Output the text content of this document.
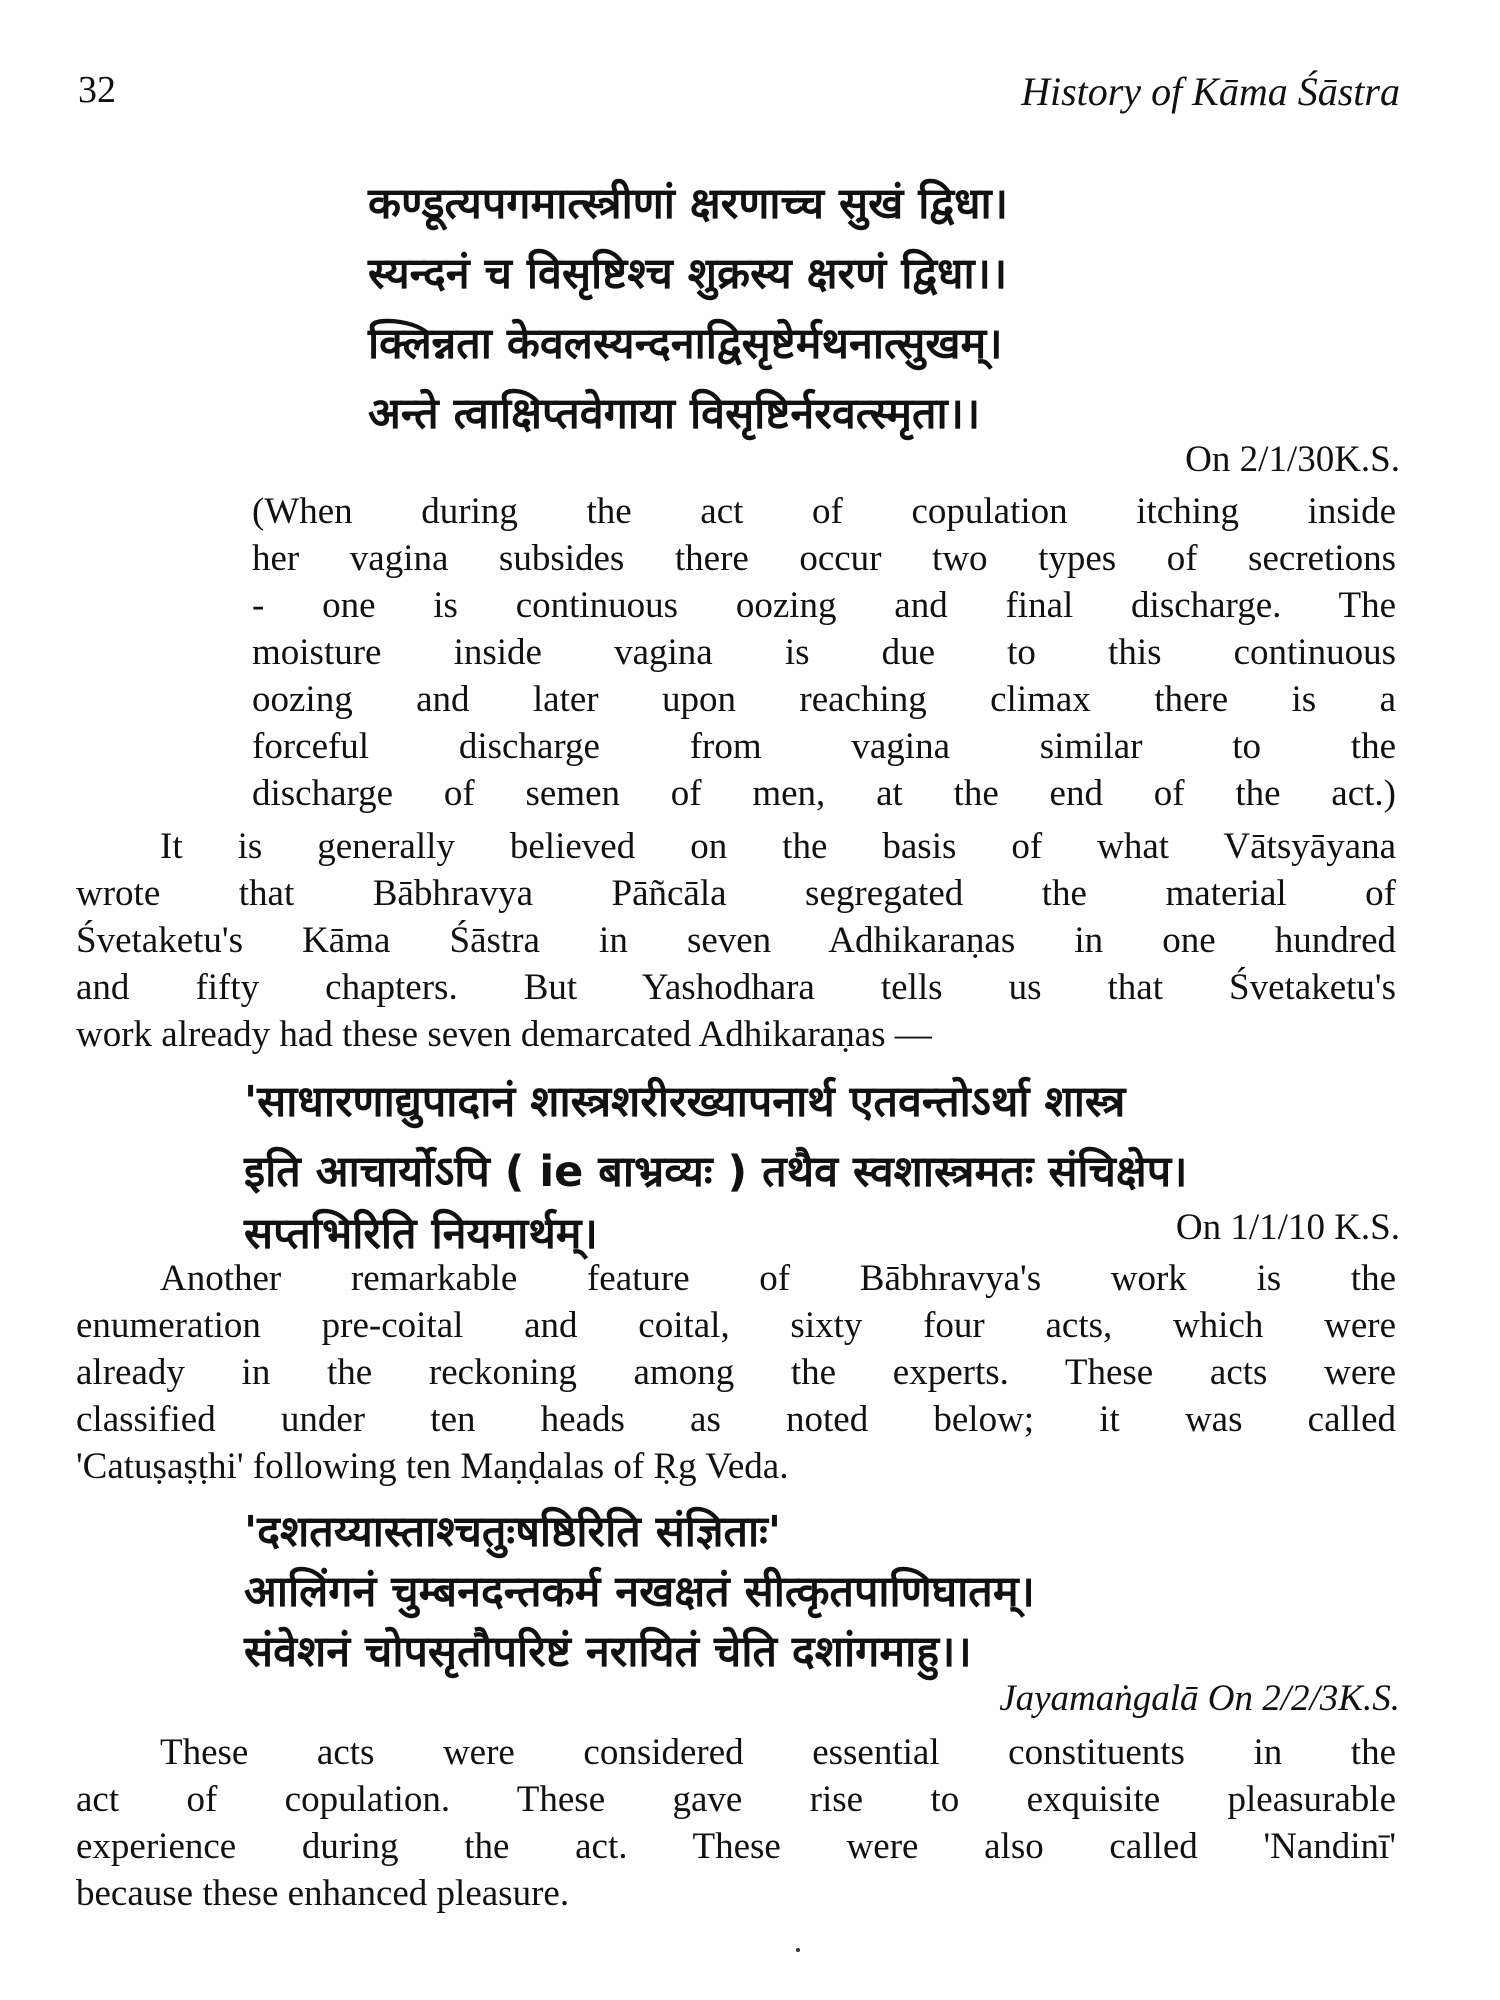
32	History of Kāma Śāstra
कण्डूत्यपगमात्स्त्रीणां क्षरणाच्च सुखं द्विधा।
स्यन्दनं च विसृष्टिश्च शुक्रस्य क्षरणं द्विधा।।
क्लिन्नता केवलस्यन्दनाद्विसृष्टेर्मथनात्सुखम्।
अन्ते त्वाक्षिप्तवेगाया विसृष्टिर्नरवत्स्मृता।।
On 2/1/30K.S.

(When during the act of copulation itching inside
her vagina subsides there occur two types of secretions
- one is continuous oozing and final discharge. The
moisture inside vagina is due to this continuous
oozing and later upon reaching climax there is a
forceful discharge from vagina similar to the
discharge of semen of men, at the end of the act.)

It is generally believed on the basis of what Vātsyāyana
wrote that Bābhravya Pāñcāla segregated the material of
Śvetaketu's Kāma Śāstra in seven Adhikaraṇas in one hundred
and fifty chapters. But Yashodhara tells us that Śvetaketu's
work already had these seven demarcated Adhikaraṇas —

'साधारणाद्युपादानं शास्त्रशरीरख्यापनार्थ एतवन्तोऽर्था शास्त्र
इति आचार्योऽपि ( ie बाभ्रव्यः ) तथैव स्वशास्त्रमतः संचिक्षेप।
सप्तभिरिति नियमार्थम्।	On 1/1/10 K.S.

Another remarkable feature of Bābhravya's work is the
enumeration pre-coital and coital, sixty four acts, which were
already in the reckoning among the experts. These acts were
classified under ten heads as noted below; it was called
'Catuṣaṣṭhi' following ten Maṇḍalas of Ṛg Veda.

'दशतय्यास्ताश्चतुःषष्ठिरिति संज्ञिताः'
आलिंगनं चुम्बनदन्तकर्म नखक्षतं सीत्कृतपाणिघातम्।
संवेशनं चोपसृतौपरिष्टं नरायितं चेति दशांगमाहु।।
Jayamaṅgalā On 2/2/3K.S.

These acts were considered essential constituents in the
act of copulation. These gave rise to exquisite pleasurable
experience during the act. These were also called 'Nandinī'
because these enhanced pleasure.
